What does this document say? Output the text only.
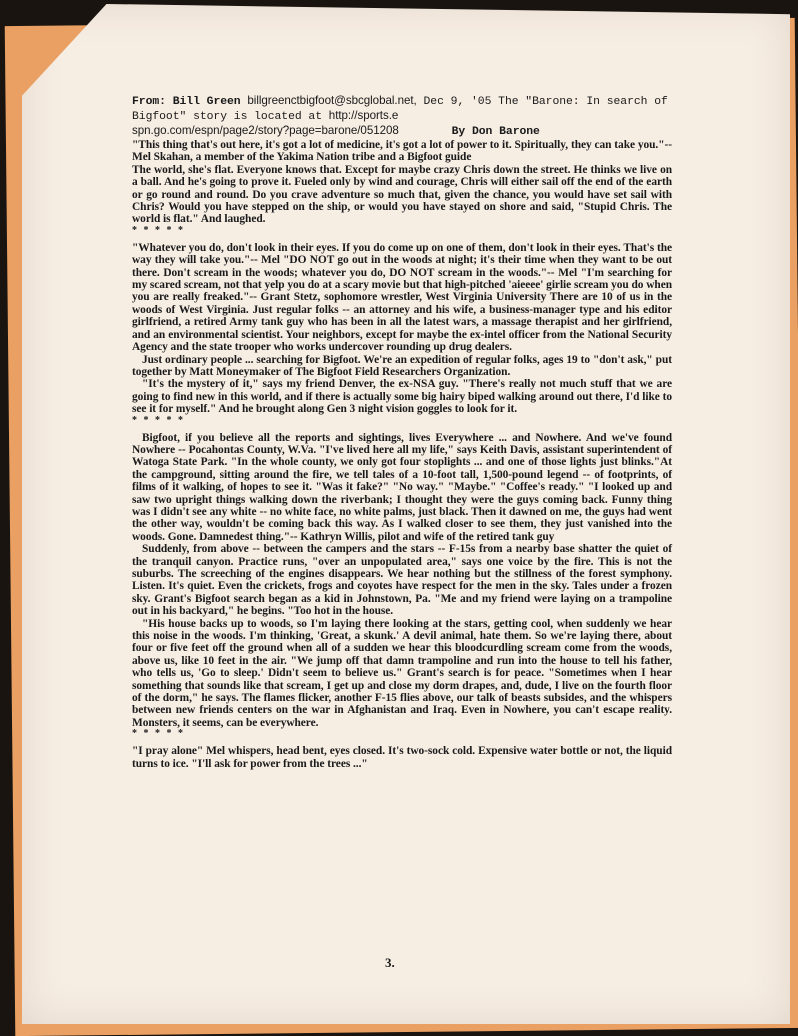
From: Bill Green billgreenctbigfoot@sbcglobal.net, Dec 9, '05 The "Barone: In search of Bigfoot" story is located at http://sports.e
spn.go.com/espn/page2/story?page=barone/051208	By Don Barone

"This thing that's out here, it's got a lot of medicine, it's got a lot of power to it. Spiritually, they can take you."-- Mel Skahan, a member of the Yakima Nation tribe and a Bigfoot guide

The world, she's flat. Everyone knows that. Except for maybe crazy Chris down the street. He thinks we live on a ball. And he's going to prove it. Fueled only by wind and courage, Chris will either sail off the end of the earth or go round and round. Do you crave adventure so much that, given the chance, you would have set sail with Chris? Would you have stepped on the ship, or would you have stayed on shore and said, "Stupid Chris. The world is flat." And laughed.

* * * * *

"Whatever you do, don't look in their eyes. If you do come up on one of them, don't look in their eyes. That's the way they will take you."-- Mel "DO NOT go out in the woods at night; it's their time when they want to be out there. Don't scream in the woods; whatever you do, DO NOT scream in the woods."-- Mel "I'm searching for my scared scream, not that yelp you do at a scary movie but that high-pitched 'aieeee' girlie scream you do when you are really freaked."-- Grant Stetz, sophomore wrestler, West Virginia University There are 10 of us in the woods of West Virginia. Just regular folks -- an attorney and his wife, a business-manager type and his editor girlfriend, a retired Army tank guy who has been in all the latest wars, a massage therapist and her girlfriend, and an environmental scientist. Your neighbors, except for maybe the ex-intel officer from the National Security Agency and the state trooper who works undercover rounding up drug dealers.

Just ordinary people ... searching for Bigfoot. We're an expedition of regular folks, ages 19 to "don't ask," put together by Matt Moneymaker of The Bigfoot Field Researchers Organization.

"It's the mystery of it," says my friend Denver, the ex-NSA guy. "There's really not much stuff that we are going to find new in this world, and if there is actually some big hairy biped walking around out there, I'd like to see it for myself." And he brought along Gen 3 night vision goggles to look for it.

* * * * *

Bigfoot, if you believe all the reports and sightings, lives Everywhere ... and Nowhere. And we've found Nowhere -- Pocahontas County, W.Va. "I've lived here all my life," says Keith Davis, assistant superintendent of Watoga State Park. "In the whole county, we only got four stoplights ... and one of those lights just blinks."At the campground, sitting around the fire, we tell tales of a 10-foot tall, 1,500-pound legend -- of footprints, of films of it walking, of hopes to see it. "Was it fake?" "No way." "Maybe." "Coffee's ready." "I looked up and saw two upright things walking down the riverbank; I thought they were the guys coming back. Funny thing was I didn't see any white -- no white face, no white palms, just black. Then it dawned on me, the guys had went the other way, wouldn't be coming back this way. As I walked closer to see them, they just vanished into the woods. Gone. Damnedest thing."-- Kathryn Willis, pilot and wife of the retired tank guy

Suddenly, from above -- between the campers and the stars -- F-15s from a nearby base shatter the quiet of the tranquil canyon. Practice runs, "over an unpopulated area," says one voice by the fire. This is not the suburbs. The screeching of the engines disappears. We hear nothing but the stillness of the forest symphony. Listen. It's quiet. Even the crickets, frogs and coyotes have respect for the men in the sky. Tales under a frozen sky. Grant's Bigfoot search began as a kid in Johnstown, Pa. "Me and my friend were laying on a trampoline out in his backyard," he begins. "Too hot in the house.

"His house backs up to woods, so I'm laying there looking at the stars, getting cool, when suddenly we hear this noise in the woods. I'm thinking, 'Great, a skunk.' A devil animal, hate them. So we're laying there, about four or five feet off the ground when all of a sudden we hear this bloodcurdling scream come from the woods, above us, like 10 feet in the air. "We jump off that damn trampoline and run into the house to tell his father, who tells us, 'Go to sleep.' Didn't seem to believe us." Grant's search is for peace. "Sometimes when I hear something that sounds like that scream, I get up and close my dorm drapes, and, dude, I live on the fourth floor of the dorm," he says. The flames flicker, another F-15 flies above, our talk of beasts subsides, and the whispers between new friends centers on the war in Afghanistan and Iraq. Even in Nowhere, you can't escape reality. Monsters, it seems, can be everywhere.

* * * * *

"I pray alone" Mel whispers, head bent, eyes closed. It's two-sock cold. Expensive water bottle or not, the liquid turns to ice. "I'll ask for power from the trees ..."

3.
